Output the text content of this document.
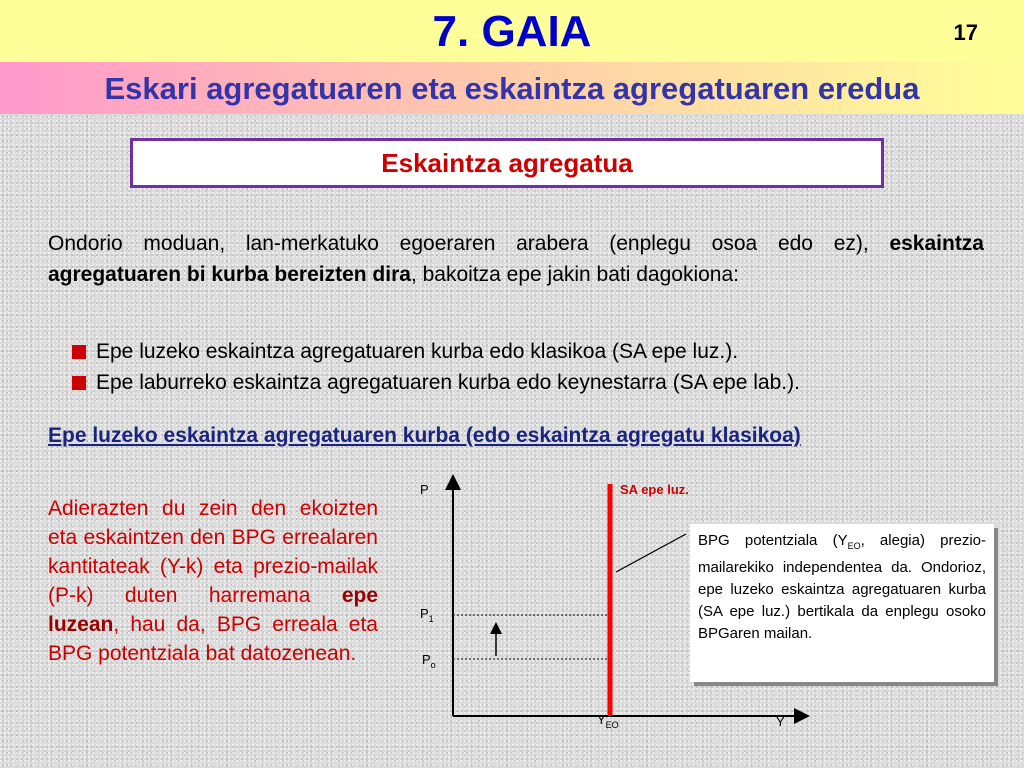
7. GAIA	17
Eskari agregatuaren eta eskaintza agregatuaren eredua
Eskaintza agregatua
Ondorio moduan, lan-merkatuko egoeraren arabera (enplegu osoa edo ez), eskaintza agregatuaren bi kurba bereizten dira, bakoitza epe jakin bati dagokiona:
Epe luzeko eskaintza agregatuaren kurba edo klasikoa (SA epe luz.).
Epe laburreko eskaintza agregatuaren kurba edo keynestarra (SA epe lab.).
Epe luzeko eskaintza agregatuaren kurba (edo eskaintza agregatu klasikoa)
Adierazten du zein den ekoizten eta eskaintzen den BPG errealaren kantitateak (Y-k) eta prezio-mailak (P-k) duten harremana epe luzean, hau da, BPG erreala eta BPG potentziala bat datozenean.
P
Y
$P_1$
$P_o$
SA epe luz.
$Y_{EO}$
BPG potentziala ($Y_{EO}$, alegia) prezio-mailarekiko independentea da. Ondorioz, epe luzeko eskaintza agregatuaren kurba (SA epe luz.) bertikala da enplegu osoko BPGaren mailan.
